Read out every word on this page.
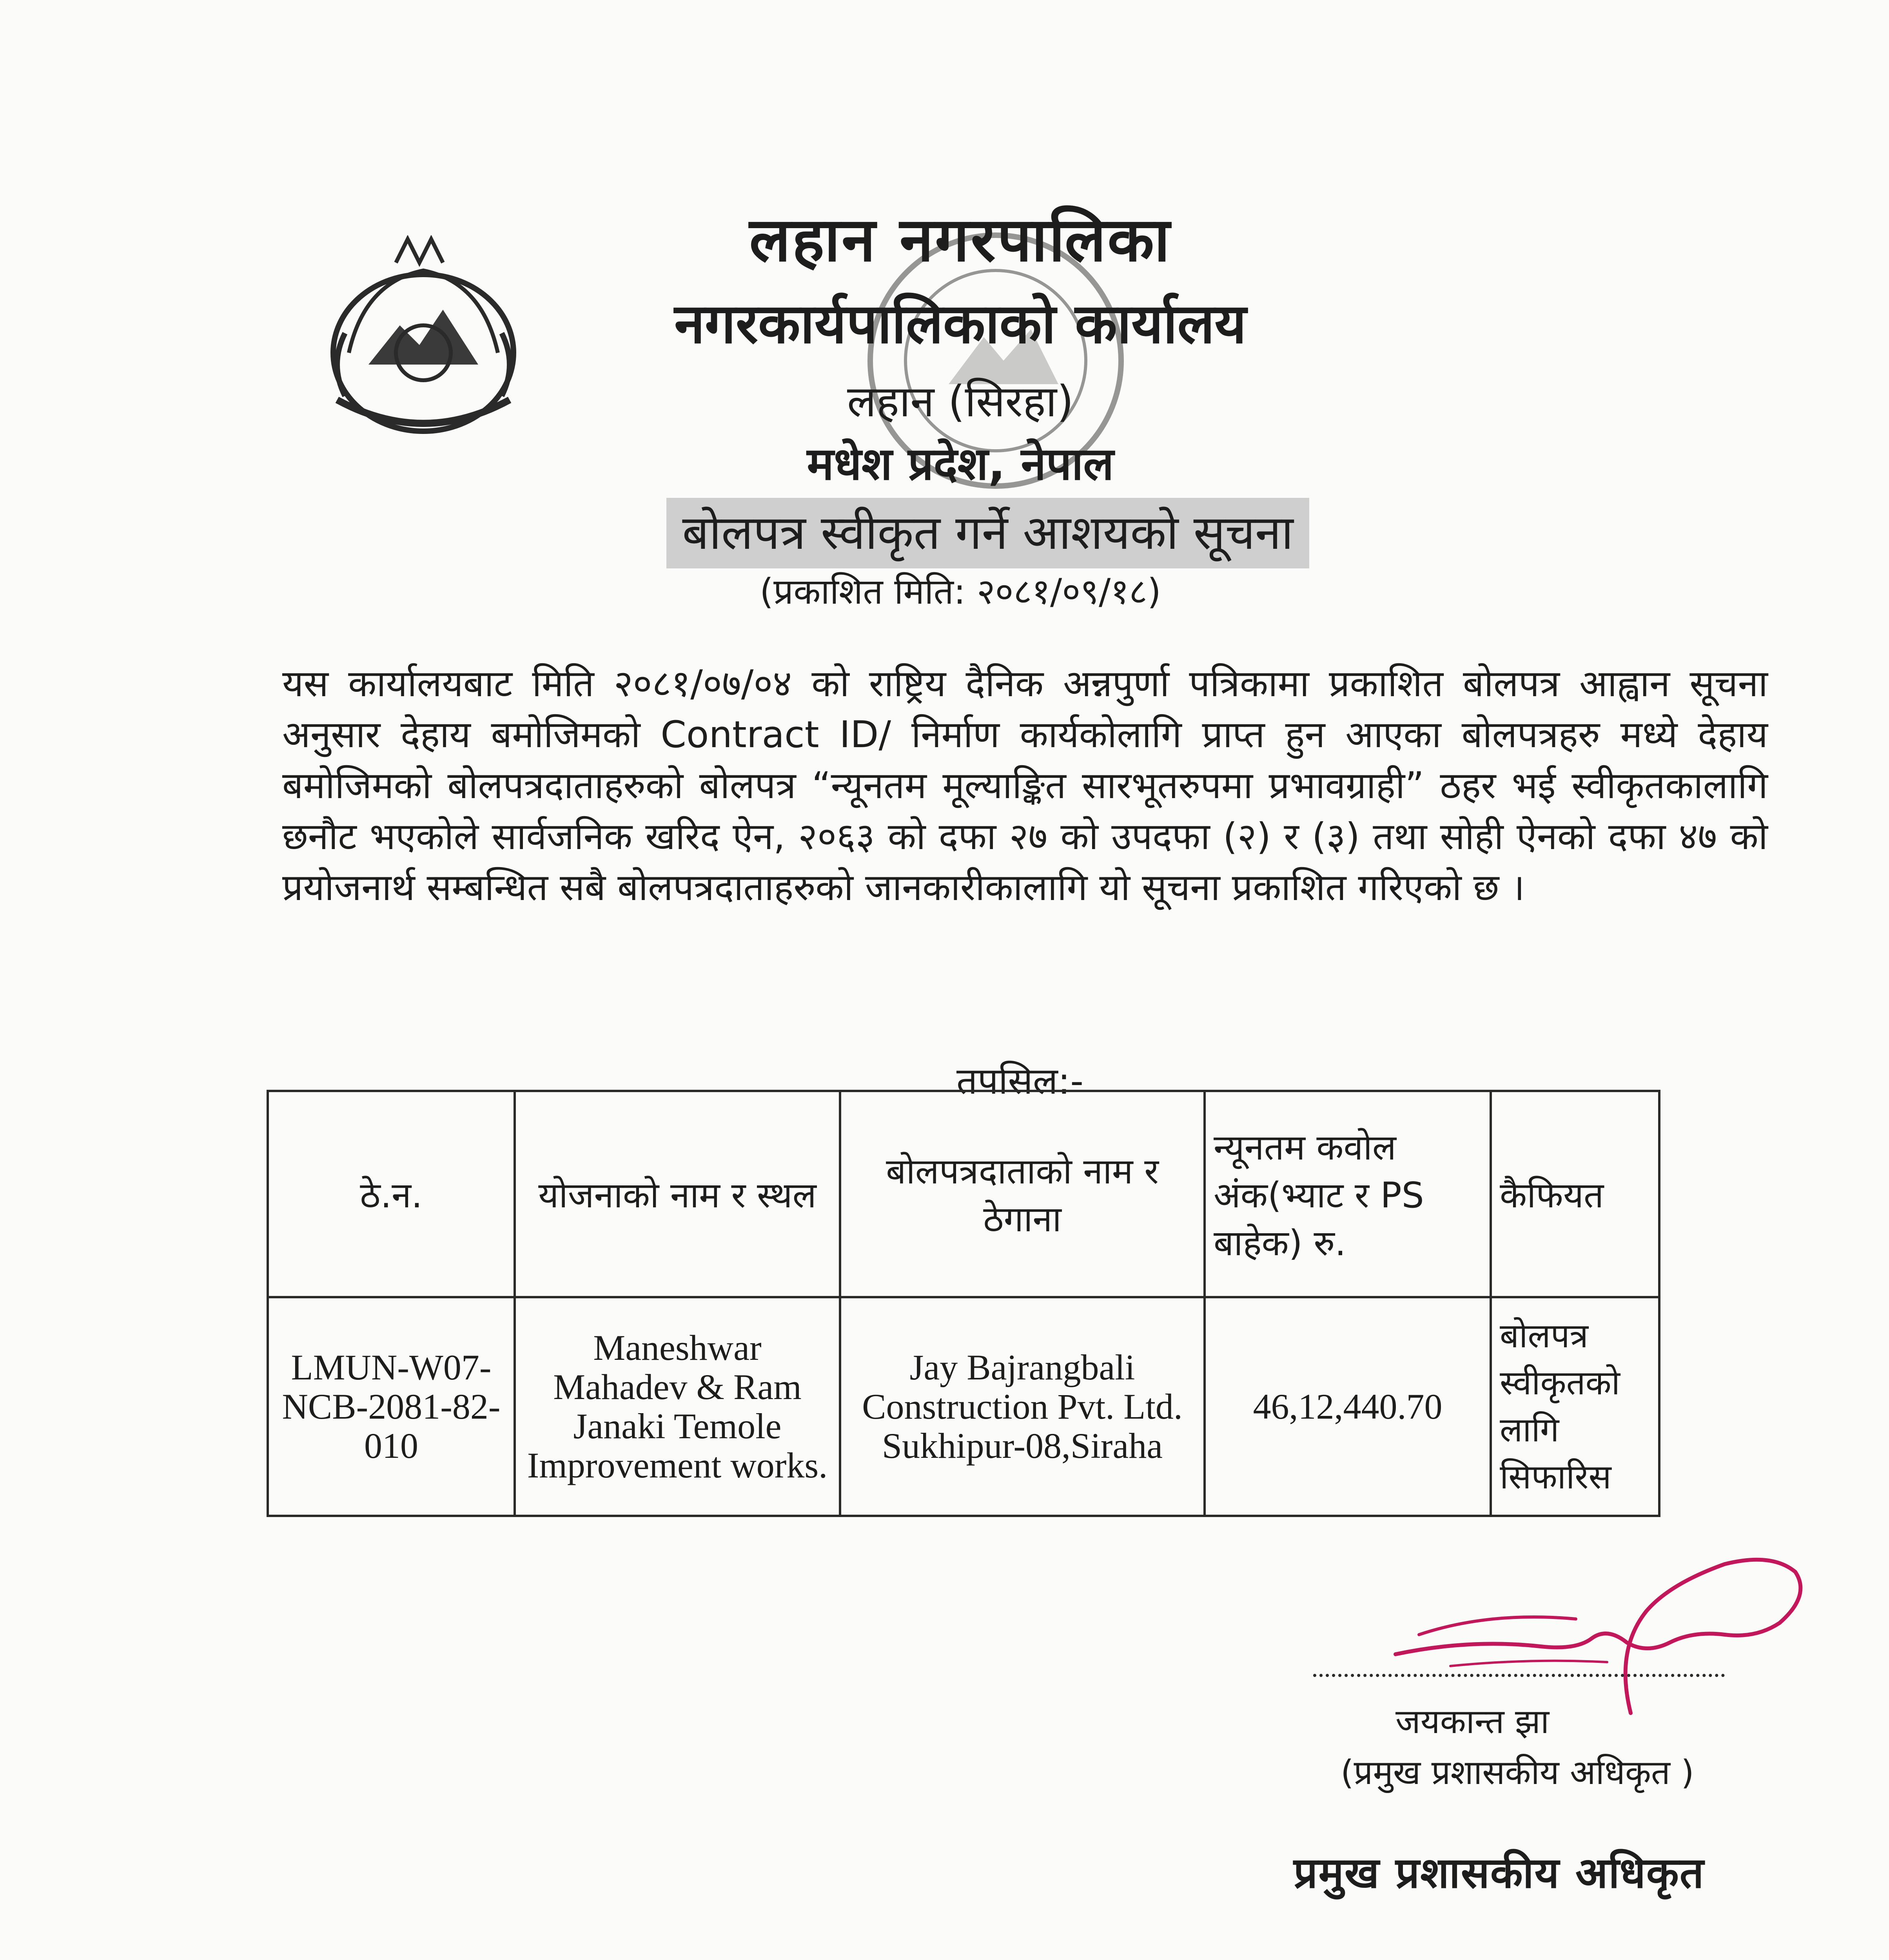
लहान नगरपालिका
नगरकार्यपालिकाको कार्यालय
लहान (सिरहा)
मधेश प्रदेश, नेपाल
बोलपत्र स्वीकृत गर्ने आशयको सूचना
(प्रकाशित मिति: २०८१/०९/१८)
यस कार्यालयबाट मिति २०८१/०७/०४ को राष्ट्रिय दैनिक अन्नपुर्णा पत्रिकामा प्रकाशित बोलपत्र आह्वान सूचना अनुसार देहाय बमोजिमको Contract ID/ निर्माण कार्यकोलागि प्राप्त हुन आएका बोलपत्रहरु मध्ये देहाय बमोजिमको बोलपत्रदाताहरुको बोलपत्र “न्यूनतम मूल्याङ्कित सारभूतरुपमा प्रभावग्राही” ठहर भई स्वीकृतकालागि छनौट भएकोले सार्वजनिक खरिद ऐन, २०६३ को दफा २७ को उपदफा (२) र (३) तथा सोही ऐनको दफा ४७ को प्रयोजनार्थ सम्बन्धित सबै बोलपत्रदाताहरुको जानकारीकालागि यो सूचना प्रकाशित गरिएको छ ।
तपसिल:-
ठे.न.	योजनाको नाम र स्थल	बोलपत्रदाताको नाम र ठेगाना	न्यूनतम कवोल अंक(भ्याट र PS बाहेक) रु.	कैफियत
LMUN-W07-NCB-2081-82-010	Maneshwar Mahadev & Ram Janaki Temole Improvement works.	Jay Bajrangbali Construction Pvt. Ltd. Sukhipur-08,Siraha	46,12,440.70	बोलपत्र स्वीकृतको लागि सिफारिस
जयकान्त झा
(प्रमुख प्रशासकीय अधिकृत )
प्रमुख प्रशासकीय अधिकृत
